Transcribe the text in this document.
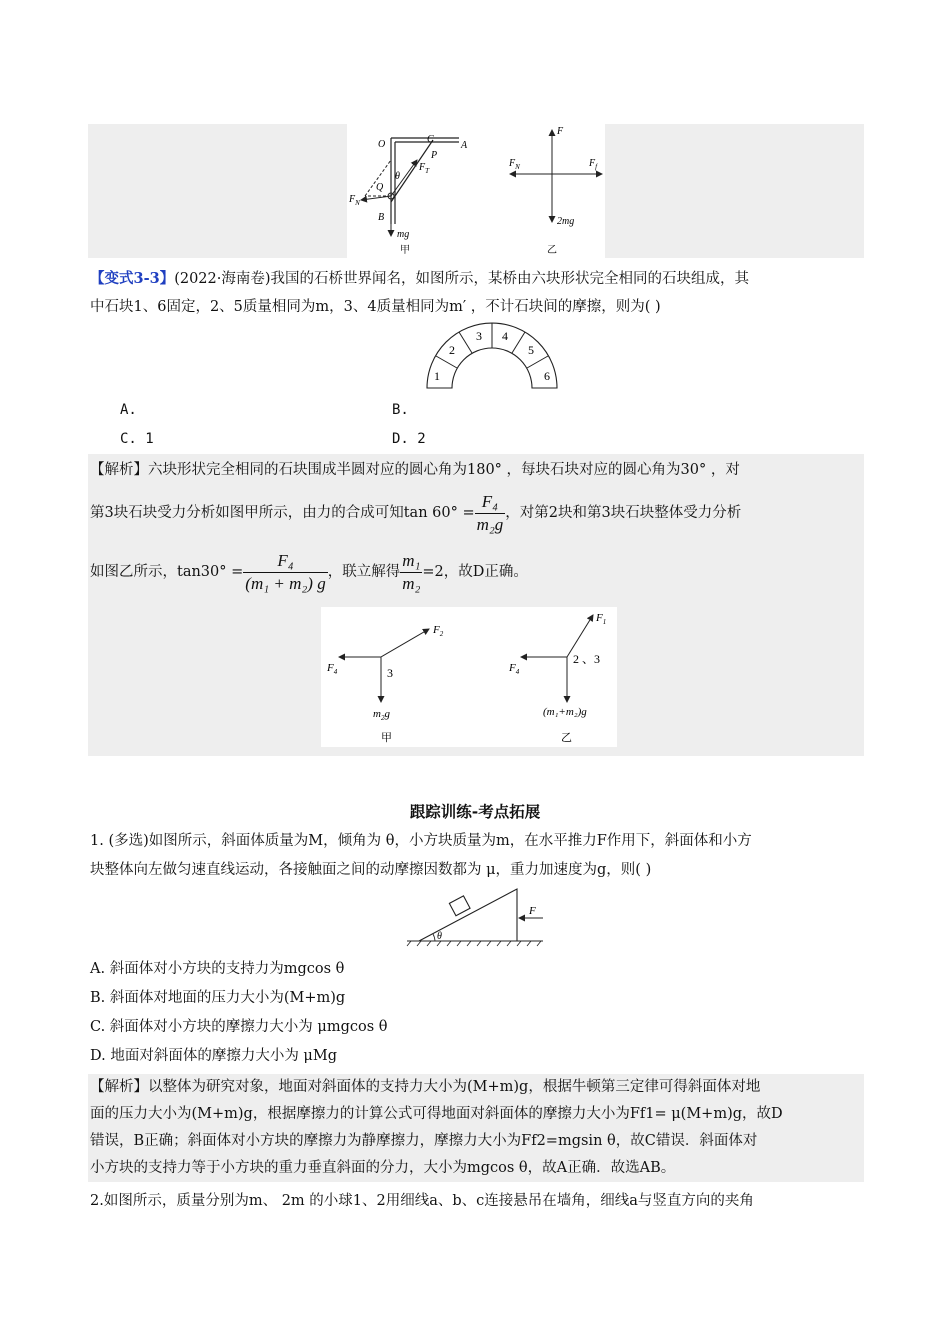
O	C
A
P
$F_T$
θ
Q
$F_N$
B
mg
甲
F
$F_N$	$F_f$
2mg
乙
【变式3-3】(2022·海南卷)我国的石桥世界闻名，如图所示，某桥由六块形状完全相同的石块组成，其
中石块1、6固定，2、5质量相同为m，3、4质量相同为m′ ，不计石块间的摩擦，则为( )
1
2
3 4
5
6
A.	B.
C. 1	D. 2
【解析】六块形状完全相同的石块围成半圆对应的圆心角为180° ，每块石块对应的圆心角为30° ，对
第3块石块受力分析如图甲所示，由力的合成可知$\tan 60^\circ = \frac{\text{F₄}}{\text{m₂g}}$ ，对第2块和第3块石块整体受力分析
如图乙所示，$\tan 30^\circ = \frac{\text{F₄}}{\text{(m₁ + m₂) g}}$ ，联立解得 $\frac{\text{m₁}}{\text{m₂}} =2$，故D正确。
$F_2$
$F_4$	3
$m_2g$
甲
$F_1$
$F_4$
2 、3
(m₁+m₂)g
乙
跟踪训练-考点拓展
1. (多选)如图所示，斜面体质量为M，倾角为 θ，小方块质量为m，在水平推力F作用下，斜面体和小方
块整体向左做匀速直线运动，各接触面之间的动摩擦因数都为 μ，重力加速度为g，则( )
F
θ
A. 斜面体对小方块的支持力为mgcos θ
B. 斜面体对地面的压力大小为(M+m)g
C. 斜面体对小方块的摩擦力大小为 μmgcos θ
D. 地面对斜面体的摩擦力大小为 μMg
【解析】以整体为研究对象，地面对斜面体的支持力大小为(M+m)g，根据牛顿第三定律可得斜面体对地
面的压力大小为(M+m)g，根据摩擦力的计算公式可得地面对斜面体的摩擦力大小为Ff1= μ(M+m)g，故D
错误，B正确；斜面体对小方块的摩擦力为静摩擦力，摩擦力大小为Ff2=mgsin θ，故C错误．斜面体对
小方块的支持力等于小方块的重力垂直斜面的分力，大小为mgcos θ，故A正确．故选AB。
2.如图所示，质量分别为m、 2m 的小球1、2用细线a、b、c连接悬吊在墙角，细线a与竖直方向的夹角
